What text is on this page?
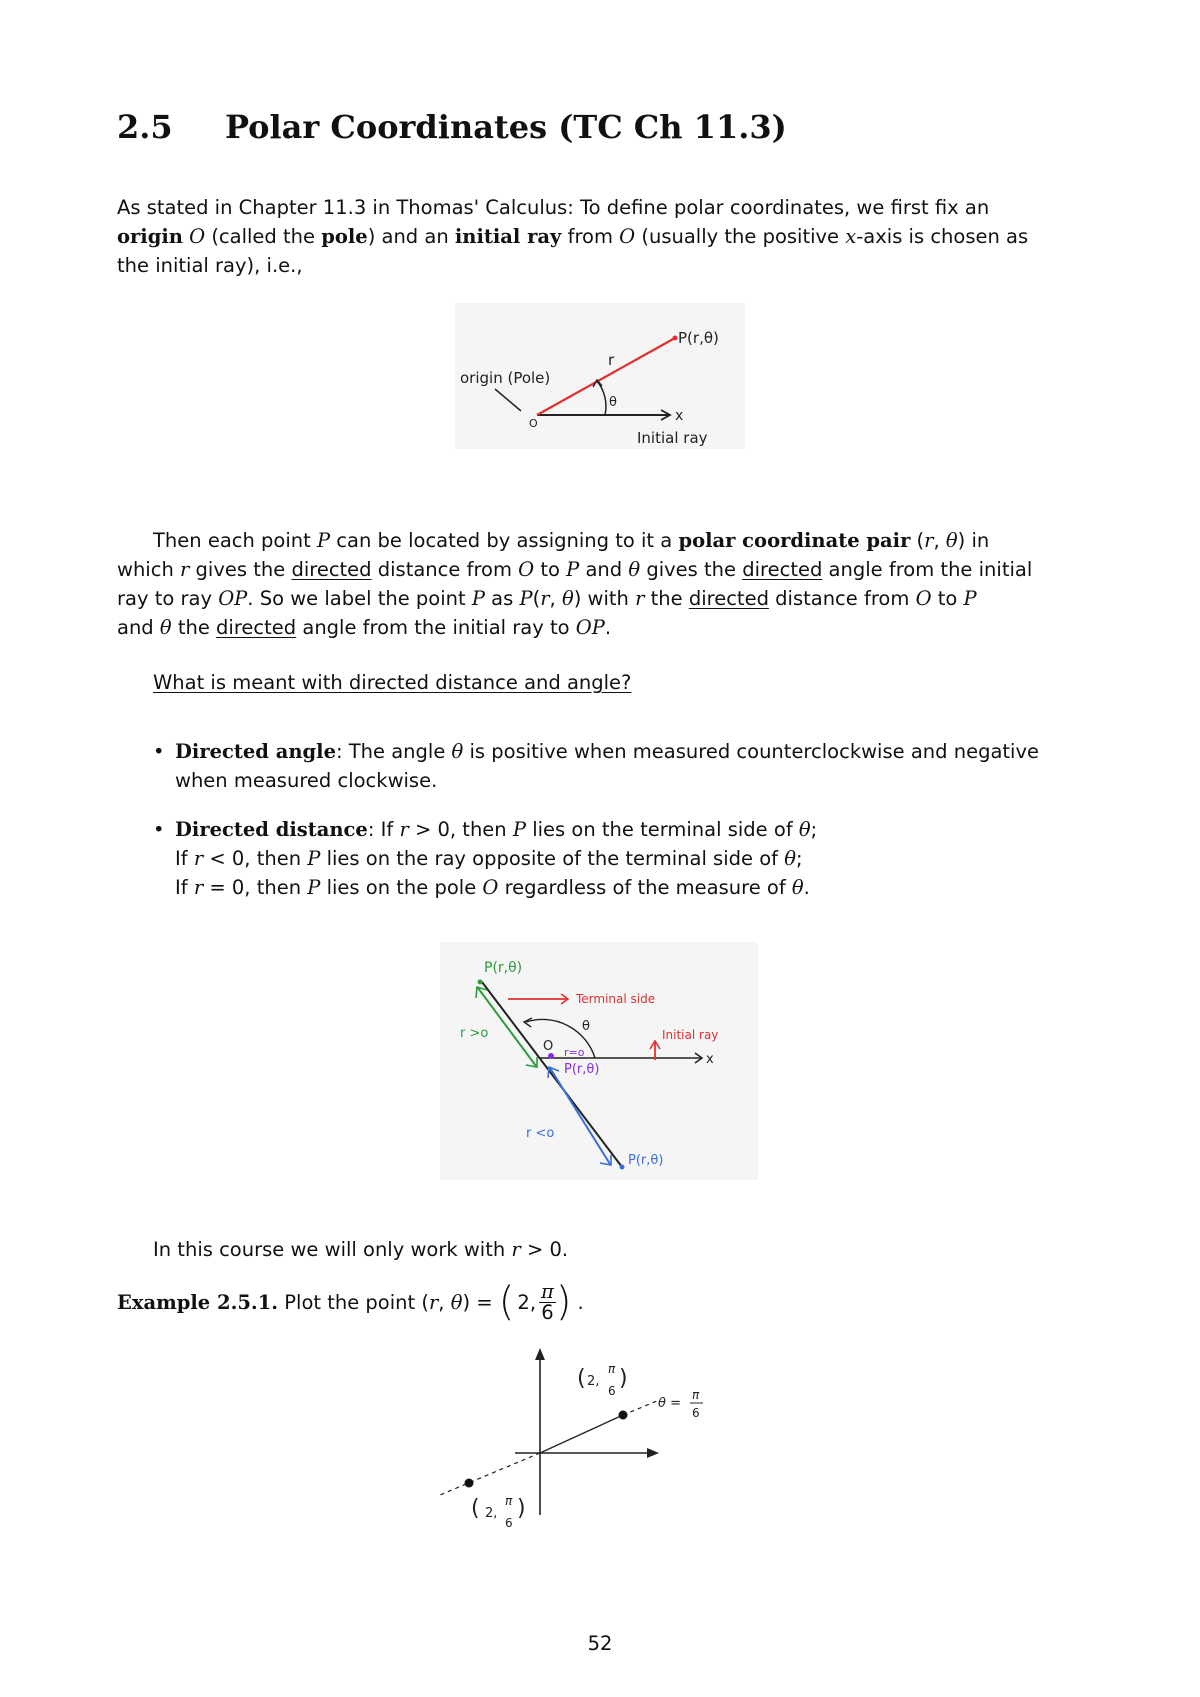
2.5 Polar Coordinates (TC Ch 11.3)
As stated in Chapter 11.3 in Thomas' Calculus: To define polar coordinates, we first fix an
origin O (called the pole) and an initial ray from O (usually the positive x-axis is chosen as
the initial ray), i.e.,
P(r,θ)
r
origin (Pole)
O
θ
x
Initial ray
Then each point P can be located by assigning to it a polar coordinate pair (r, θ) in
which r gives the directed distance from O to P and θ gives the directed angle from the initial
ray to ray OP. So we label the point P as P(r, θ) with r the directed distance from O to P
and θ the directed angle from the initial ray to OP.
What is meant with directed distance and angle?
• Directed angle: The angle θ is positive when measured counterclockwise and negative
when measured clockwise.
• Directed distance: If r > 0, then P lies on the terminal side of θ;
If r < 0, then P lies on the ray opposite of the terminal side of θ;
If r = 0, then P lies on the pole O regardless of the measure of θ.
P(r,θ)
Terminal side
θ
Initial ray
r >o
O r=o
P(r,θ)
x
r <o
P(r,θ)
In this course we will only work with r > 0.
Example 2.5.1. Plot the point ( r , θ ) = ( 2, π
6 ) .
( 2,
π
6 )
θ =
π
6
( 2,
π
6
)
52
